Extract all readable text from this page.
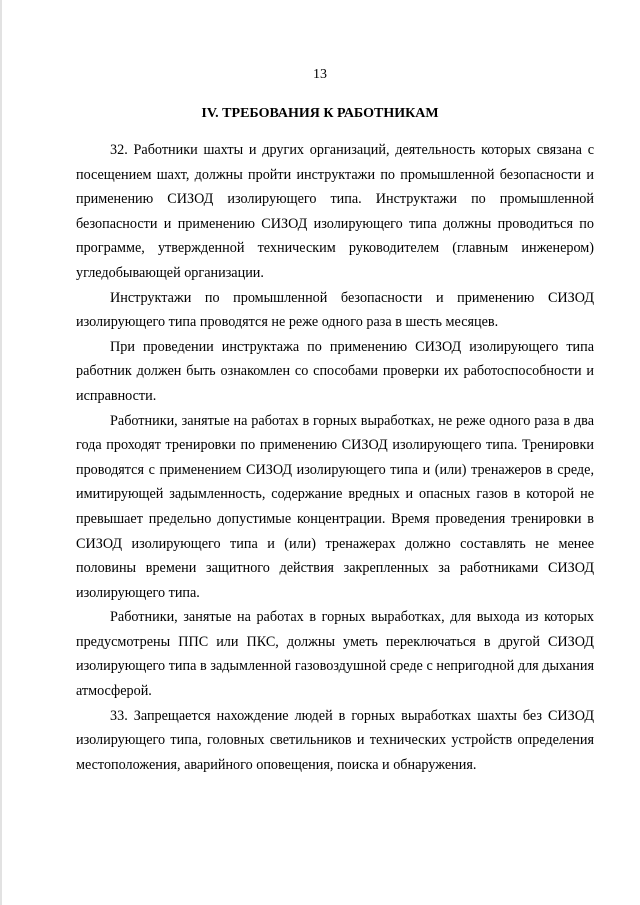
13
IV. ТРЕБОВАНИЯ К РАБОТНИКАМ

32. Работники шахты и других организаций, деятельность которых связана с посещением шахт, должны пройти инструктажи по промышленной безопасности и применению СИЗОД изолирующего типа. Инструктажи по промышленной безопасности и применению СИЗОД изолирующего типа должны проводиться по программе, утвержденной техническим руководителем (главным инженером) угледобывающей организации.

Инструктажи по промышленной безопасности и применению СИЗОД изолирующего типа проводятся не реже одного раза в шесть месяцев.

При проведении инструктажа по применению СИЗОД изолирующего типа работник должен быть ознакомлен со способами проверки их работоспособности и исправности.

Работники, занятые на работах в горных выработках, не реже одного раза в два года проходят тренировки по применению СИЗОД изолирующего типа. Тренировки проводятся с применением СИЗОД изолирующего типа и (или) тренажеров в среде, имитирующей задымленность, содержание вредных и опасных газов в которой не превышает предельно допустимые концентрации. Время проведения тренировки в СИЗОД изолирующего типа и (или) тренажерах должно составлять не менее половины времени защитного действия закрепленных за работниками СИЗОД изолирующего типа.

Работники, занятые на работах в горных выработках, для выхода из которых предусмотрены ППС или ПКС, должны уметь переключаться в другой СИЗОД изолирующего типа в задымленной газовоздушной среде с непригодной для дыхания атмосферой.

33. Запрещается нахождение людей в горных выработках шахты без СИЗОД изолирующего типа, головных светильников и технических устройств определения местоположения, аварийного оповещения, поиска и обнаружения.
